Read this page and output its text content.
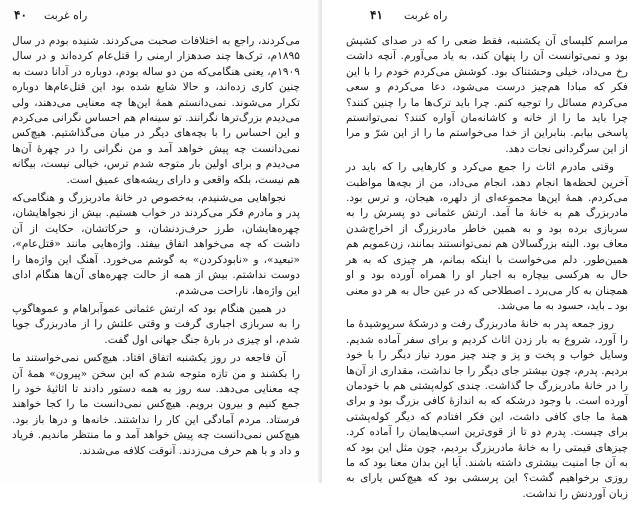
۴۰ راه غربت

می‌کردند، راجع به اختلافات صحبت می‌کردند. شنیده بودم در سال ۱۸۹۵م، ترک‌ها چند صد‌هزار ارمنی را قتل‌عام کرده‌اند و در سال ۱۹۰۹م، یعنی هنگامی‌که من دو ساله بودم، دوباره در آدانا دست به چنین کاری زده‌اند، و حالا شایع شده بود این قتل‌عام‌ها دوباره تکرار می‌شوند. نمی‌دانستم همهٔ این‌ها چه معنایی می‌دهند، ولی می‌دیدم بزرگ‌ترها نگرانند. تو سینه‌ام هم احساس نگرانی می‌کردم و این احساس را با بچه‌های دیگر در میان می‌گذاشتیم. هیچ‌کس نمی‌دانست چه پیش خواهد آمد و من نگرانی را در چهرهٔ آن‌ها می‌دیدم و برای اولین بار متوجه شدم ترس، خیالی نیست، بیگانه هم نیست، بلکه واقعی و دارای ریشه‌های عمیق است.

نجواهایی می‌شنیدم، به‌خصوص در خانهٔ مادربزرگ و هنگامی‌که پدر و مادرم فکر می‌کردند در خواب هستیم. بیش از نجواهایشان، چهره‌هایشان، طرز حرف‌زدنشان، و حرکاتشان، حکایت از آن داشت که چه می‌خواهد اتفاق بیفتد. واژه‌هایی مانند «قتل‌عام»، «تبعید»، و «نابودکردن» به گوشم می‌خورد. آهنگ این واژه‌ها را دوست نداشتم. بیش از همه از حالت چهره‌های آن‌ها هنگام ادای این واژه‌ها، ناراحت می‌شدم.

در همین هنگام بود که ارتش عثمانی عموآبراهام و عموهاگوپ را به سربازی اجباری گرفت و وقتی علتش را از مادربزرگ جویا شدم، او چیزی در بارهٔ جنگ جهانی اول گفت.

آن فاجعه در روز یکشنبه اتفاق افتاد. هیچ‌کس نمی‌خواستند ما را بکشند و من تازه متوجه شدم که این سخن «پیرون» همهٔ آن چه معنایی می‌دهد. سه روز به همه دستور دادند تا اثاثیهٔ خود را جمع کنیم و بیرون برویم. هیچ‌کس نمی‌دانست ما را کجا خواهند فرستاد. مردم آمادگی این کار را نداشتند. خانه‌ها و درها باز بود. هیچ‌کس نمی‌دانست چه پیش خواهد آمد و ما منتظر ماندیم. فریاد و داد و با هم حرف می‌زدند. آنوقت کلافه می‌شدند.

۴۱ راه غربت

مراسم کلیسای آن یکشنبه، فقط ضعی را که در صدای کشیش بود و نمی‌توانست آن را پنهان کند، به یاد می‌آورم. آنچه داشت رخ می‌داد، خیلی وحشتناک بود. کوشش می‌کردم خودم را با این فکر که مبادا هم‌چیز درست می‌شود، دعا می‌کردم و سعی می‌کردم مسائل را توجیه کنم. چرا باید ترک‌ها ما را چنین کنند؟ چرا باید ما را از خانه و کاشانه‌مان آواره کنند؟ نمی‌توانستم پاسخی بیابم. بنابراین از خدا می‌خواستم ما را از این شرّ و مرا از این سرگردانی نجات دهد.

وقتی مادرم اثاث را جمع می‌کرد و کارهایی را که باید در آخرین لحظه‌ها انجام دهد، انجام می‌داد، من از بچه‌ها مواظبت می‌کردم. همهٔ این‌ها مجموعه‌ای از دلهره، هیجان، و ترس بود. مادربزرگ هم به خانهٔ ما آمد. ارتش عثمانی دو پسرش را به سربازی برده بود و به همین خاطر مادربزرگ از اخراج‌شدن معاف بود. البته بزرگسالان هم نمی‌توانستند بمانند، زن‌عمویم هم همین‌طور. دلم می‌خواست با اینکه بمانم، هر چیزی که به هر حال به هرکسی بیچاره به اجبار او را همراه آورده بود و او همچنان به کار می‌برد ـ اصطلاحی که در عین حال به هر دو معنی بود ـ باید، حسود به ما می‌شد.

روز جمعه پدر به خانهٔ مادربزرگ رفت و درشکهٔ سرپوشیدهٔ ما را آورد، شروع به بار زدن اثاث کردیم و برای سفر آماده شدیم. وسایل خواب و پخت و پز و چند چیز مورد نیاز دیگر را با خود بردیم. پدرم، چون بیشتر جای دیگر را جا نداشت، مقداری از آن‌ها را در خانهٔ مادربزرگ جا گذاشت. چندی کوله‌پشتی هم با خودمان آورده است. با وجود درشکه که به اندازهٔ کافی بزرگ بود و برای همهٔ ما جای کافی داشت، این فکر افتادم که دیگر کوله‌پشتی برای چیست. پدرم دو تا از قوی‌ترین اسب‌هایمان را آماده کرد. چیزهای قیمتی را به خانهٔ مادربزرگ بردیم، چون مثل این بود که به آن جا امنیت بیشتری داشته باشند. آیا این بدان معنا بود که ما روزی برخواهیم گشت؟ این پرسشی بود که هیچ‌کس یارای به زبان آوردنش را نداشت.
